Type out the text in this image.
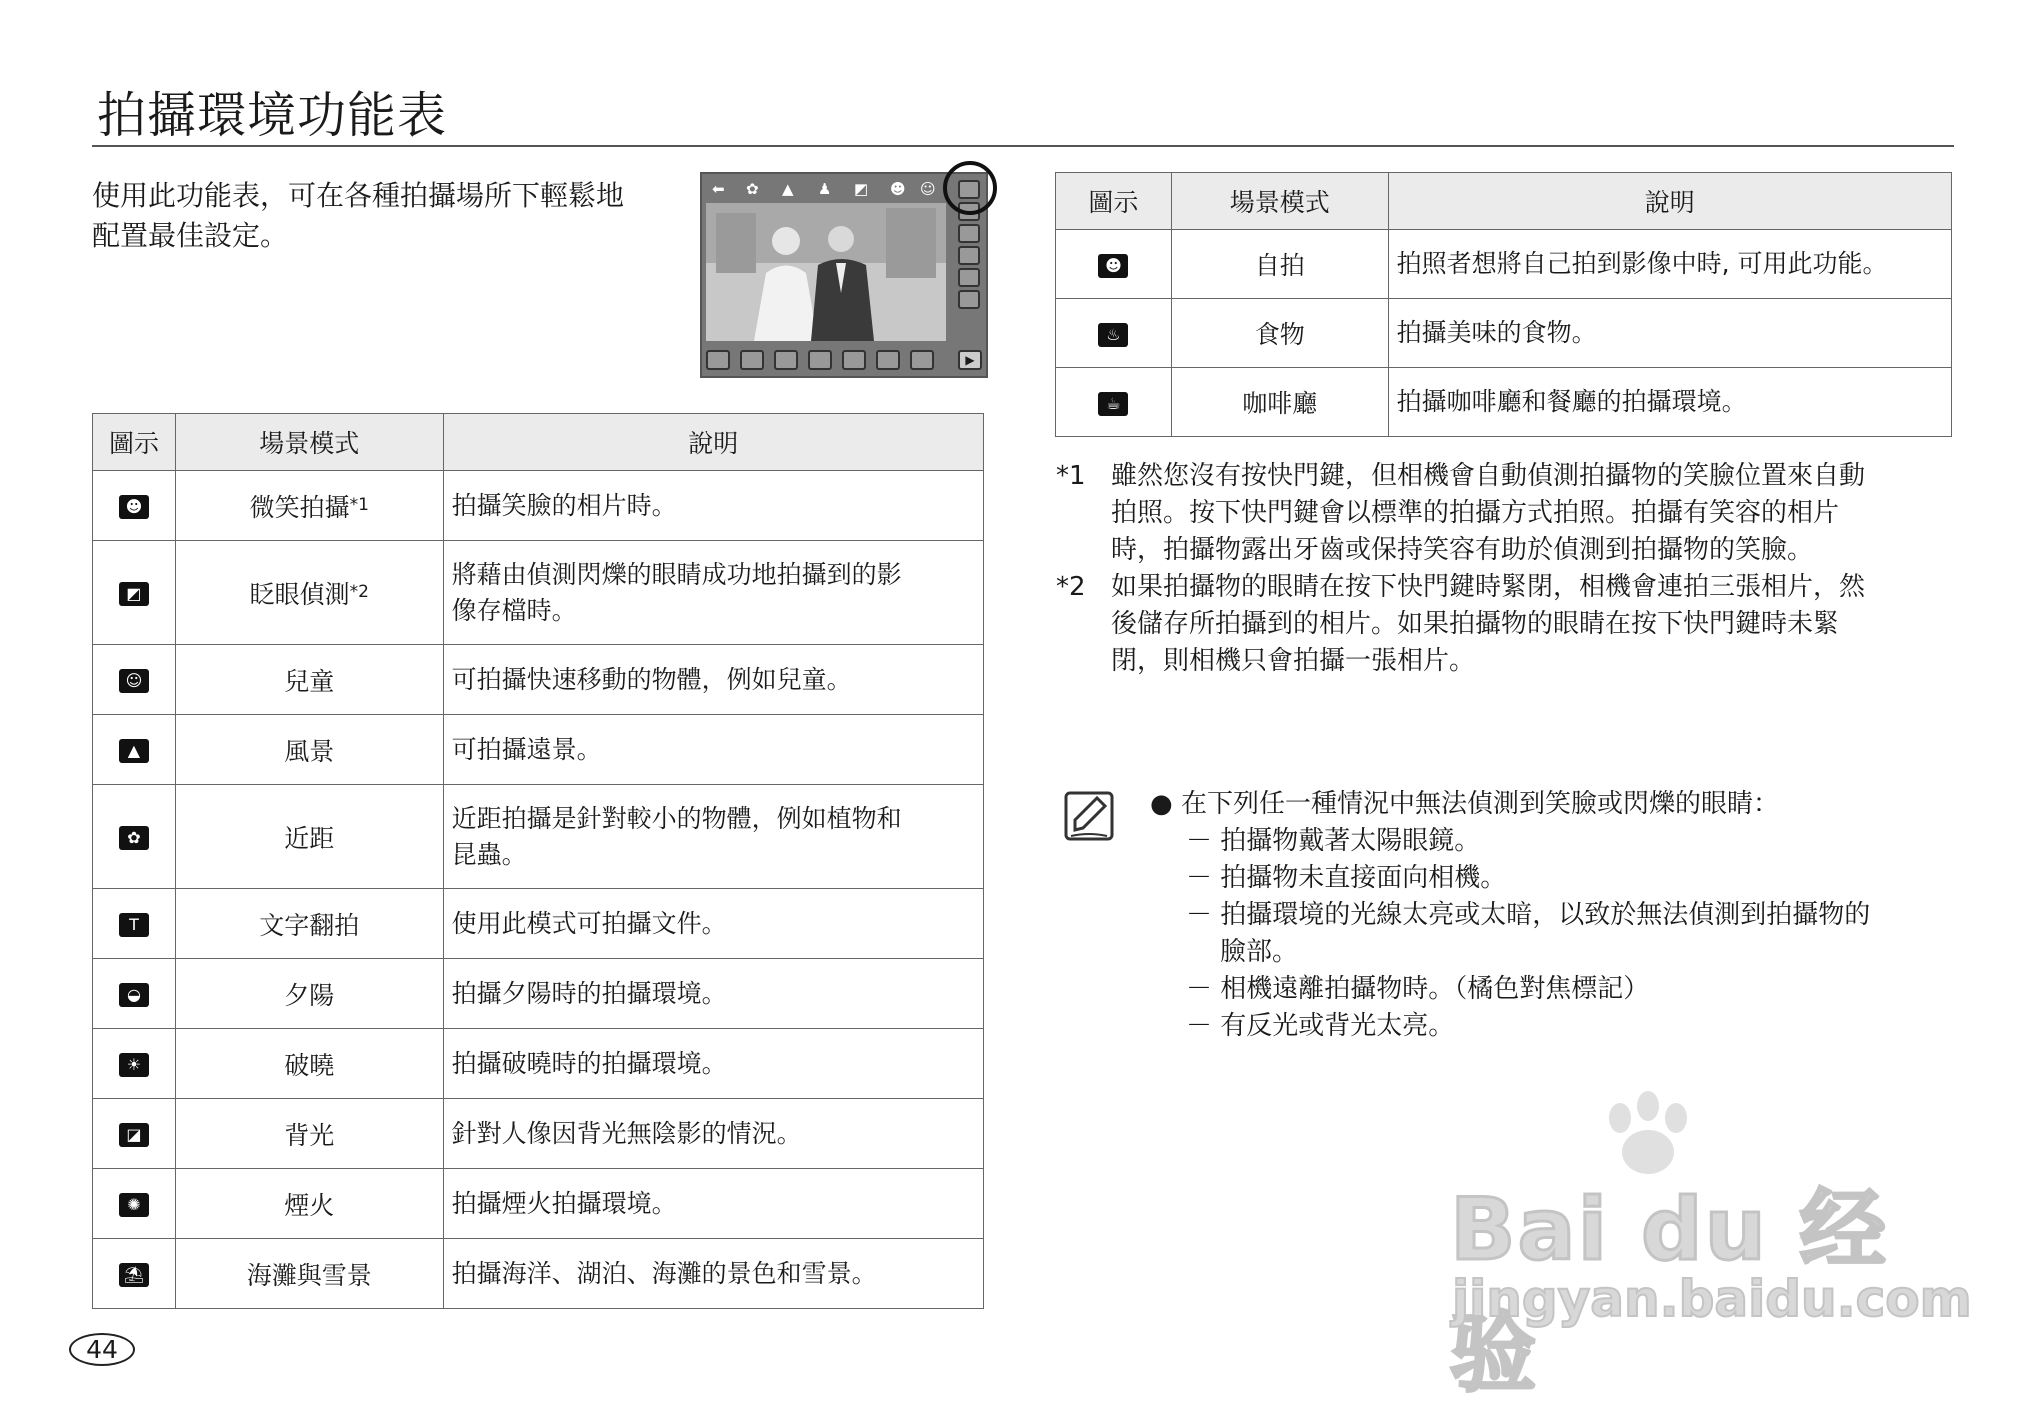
拍攝環境功能表
使用此功能表，可在各種拍攝場所下輕鬆地
配置最佳設定。
⬅ ✿ ▲ ♟ ◩ ☻ ☺
▶
圖示	場景模式	說明
☻	微笑拍攝$^{*1}$	拍攝笑臉的相片時。

◩	眨眼偵測$^{*2}$	將藉由偵測閃爍的眼睛成功地拍攝到的影
像存檔時。

☺	兒童	可拍攝快速移動的物體，例如兒童。

▲	風景	可拍攝遠景。

✿	近距	近距拍攝是針對較小的物體，例如植物和
昆蟲。

T	文字翻拍	使用此模式可拍攝文件。

◒	夕陽	拍攝夕陽時的拍攝環境。

☀	破曉	拍攝破曉時的拍攝環境。

◪	背光	針對人像因背光無陰影的情況。

✺	煙火	拍攝煙火拍攝環境。

⛱	海灘與雪景	拍攝海洋、湖泊、海灘的景色和雪景。
圖示	場景模式	說明
☻	自拍	拍照者想將自己拍到影像中時, 可用此功能。
♨	食物	拍攝美味的食物。
☕	咖啡廳	拍攝咖啡廳和餐廳的拍攝環境。
*1 雖然您沒有按快門鍵，但相機會自動偵測拍攝物的笑臉位置來自動
拍照。按下快門鍵會以標準的拍攝方式拍照。拍攝有笑容的相片
時，拍攝物露出牙齒或保持笑容有助於偵測到拍攝物的笑臉。
*2 如果拍攝物的眼睛在按下快門鍵時緊閉，相機會連拍三張相片，然
後儲存所拍攝到的相片。如果拍攝物的眼睛在按下快門鍵時未緊
閉，則相機只會拍攝一張相片。
● 在下列任一種情況中無法偵測到笑臉或閃爍的眼睛：
－ 拍攝物戴著太陽眼鏡。
－ 拍攝物未直接面向相機。
－ 拍攝環境的光線太亮或太暗，以致於無法偵測到拍攝物的
臉部。
－ 相機遠離拍攝物時。（橘色對焦標記）
－ 有反光或背光太亮。
44
Bai du 经验
jingyan.baidu.com
